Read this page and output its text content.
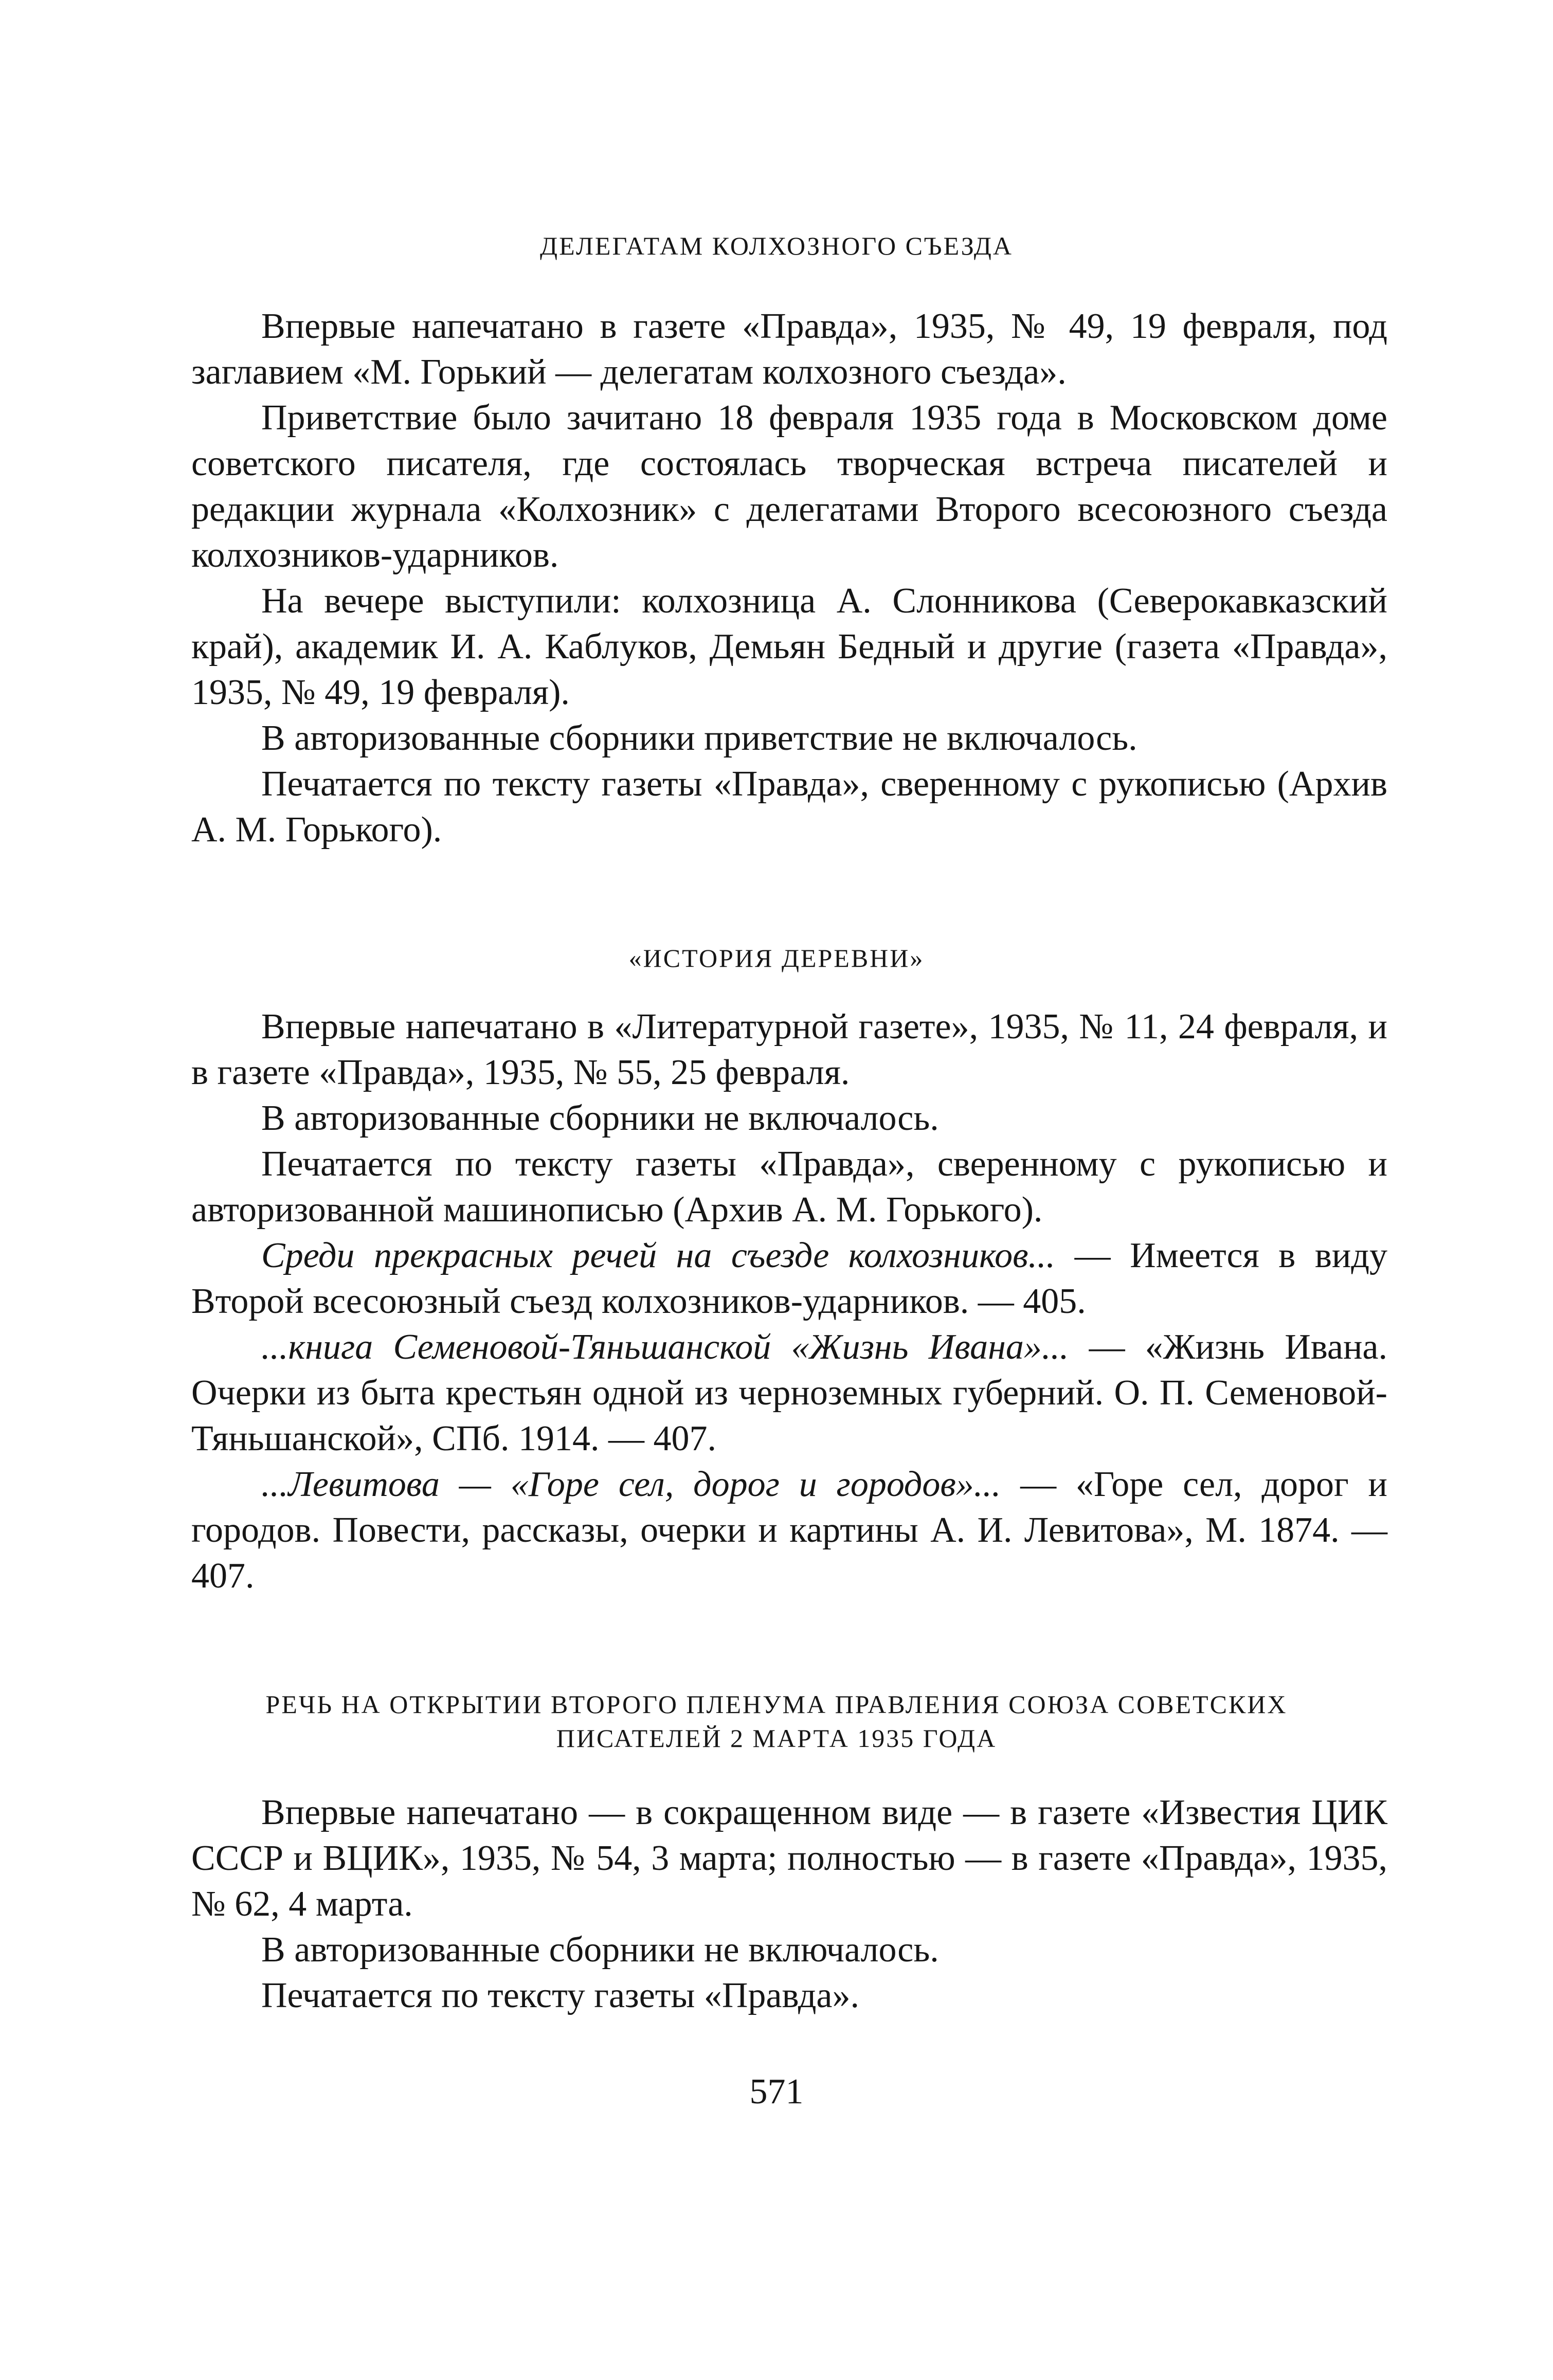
ДЕЛЕГАТАМ КОЛХОЗНОГО СЪЕЗДА

Впервые напечатано в газете «Правда», 1935, № 49, 19 февраля, под заглавием «М. Горький — делегатам колхозного съезда».

Приветствие было зачитано 18 февраля 1935 года в Московском доме советского писателя, где состоялась творческая встреча писателей и редакции журнала «Колхозник» с делегатами Второго всесоюзного съезда колхозников-ударников.

На вечере выступили: колхозница А. Слонникова (Северокавказский край), академик И. А. Каблуков, Демьян Бедный и другие (газета «Правда», 1935, № 49, 19 февраля).

В авторизованные сборники приветствие не включалось.

Печатается по тексту газеты «Правда», сверенному с рукописью (Архив А. М. Горького).

«ИСТОРИЯ ДЕРЕВНИ»

Впервые напечатано в «Литературной газете», 1935, № 11, 24 февраля, и в газете «Правда», 1935, № 55, 25 февраля.

В авторизованные сборники не включалось.

Печатается по тексту газеты «Правда», сверенному с рукописью и авторизованной машинописью (Архив А. М. Горького).

Среди прекрасных речей на съезде колхозников... — Имеется в виду Второй всесоюзный съезд колхозников-ударников. — 405.

...книга Семеновой-Тяньшанской «Жизнь Ивана»... — «Жизнь Ивана. Очерки из быта крестьян одной из черноземных губерний. О. П. Семеновой-Тяньшанской», СПб. 1914. — 407.

...Левитова — «Горе сел, дорог и городов»... — «Горе сел, дорог и городов. Повести, рассказы, очерки и картины А. И. Левитова», М. 1874. — 407.

РЕЧЬ НА ОТКРЫТИИ ВТОРОГО ПЛЕНУМА ПРАВЛЕНИЯ СОЮЗА СОВЕТСКИХ
ПИСАТЕЛЕЙ 2 МАРТА 1935 ГОДА

Впервые напечатано — в сокращенном виде — в газете «Известия ЦИК СССР и ВЦИК», 1935, № 54, 3 марта; полностью — в газете «Правда», 1935, № 62, 4 марта.

В авторизованные сборники не включалось.

Печатается по тексту газеты «Правда».

571
